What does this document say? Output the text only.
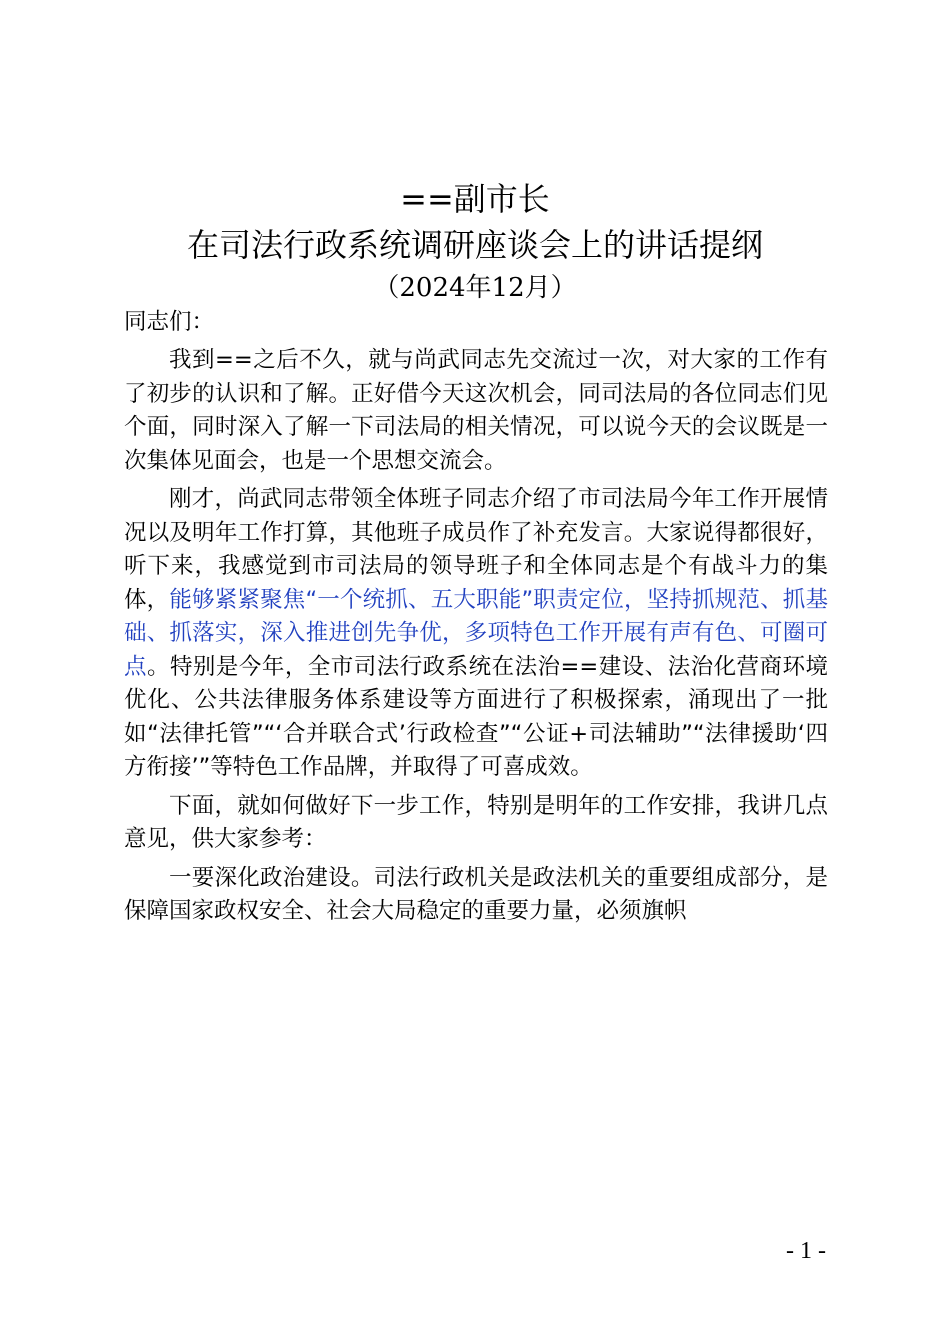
==副市长
在司法行政系统调研座谈会上的讲话提纲
（2024年12月）

同志们：

我到==之后不久，就与尚武同志先交流过一次，对大家的工作有了初步的认识和了解。正好借今天这次机会，同司法局的各位同志们见个面，同时深入了解一下司法局的相关情况，可以说今天的会议既是一次集体见面会，也是一个思想交流会。

刚才，尚武同志带领全体班子同志介绍了市司法局今年工作开展情况以及明年工作打算，其他班子成员作了补充发言。大家说得都很好，听下来，我感觉到市司法局的领导班子和全体同志是个有战斗力的集体，能够紧紧聚焦“一个统抓、五大职能”职责定位，坚持抓规范、抓基础、抓落实，深入推进创先争优，多项特色工作开展有声有色、可圈可点。特别是今年，全市司法行政系统在法治==建设、法治化营商环境优化、公共法律服务体系建设等方面进行了积极探索，涌现出了一批如“法律托管”“‘合并联合式’行政检查”“公证+司法辅助”“法律援助‘四方衔接’”等特色工作品牌，并取得了可喜成效。

下面，就如何做好下一步工作，特别是明年的工作安排，我讲几点意见，供大家参考：

一要深化政治建设。司法行政机关是政法机关的重要组成部分，是保障国家政权安全、社会大局稳定的重要力量，必须旗帜

- 1 -
